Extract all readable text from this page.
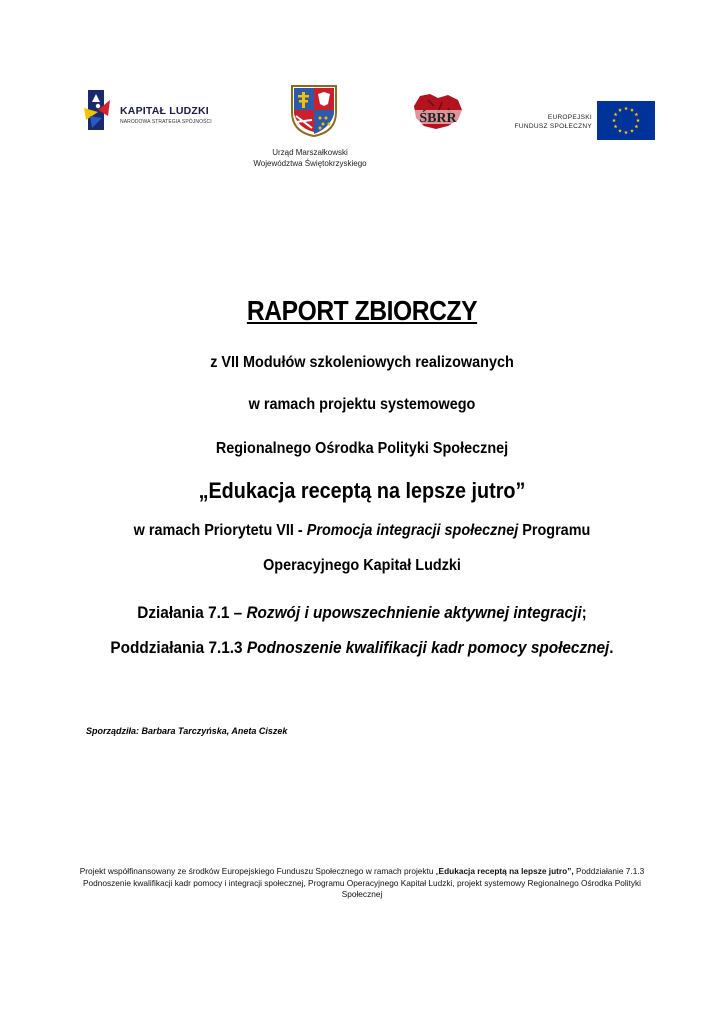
KAPITAŁ LUDZKI
NARODOWA STRATEGIA SPÓJNOŚCI	ŚBRR	EUROPEJSKI
FUNDUSZ SPOŁECZNY
Urząd Marszałkowski
Województwa Świętokrzyskiego
RAPORT ZBIORCZY
z VII Modułów szkoleniowych realizowanych
w ramach projektu systemowego
Regionalnego Ośrodka Polityki Społecznej
„Edukacja receptą na lepsze jutro”
w ramach Priorytetu VII - Promocja integracji społecznej Programu
Operacyjnego Kapitał Ludzki
Działania 7.1 – Rozwój i upowszechnienie aktywnej integracji;
Poddziałania 7.1.3 Podnoszenie kwalifikacji kadr pomocy społecznej.
Sporządziła: Barbara Tarczyńska, Aneta Ciszek
Projekt współfinansowany ze środków Europejskiego Funduszu Społecznego w ramach projektu „Edukacja receptą na lepsze jutro”, Poddziałanie 7.1.3 Podnoszenie kwalifikacji kadr pomocy i integracji społecznej, Programu Operacyjnego Kapitał Ludzki, projekt systemowy Regionalnego Ośrodka Polityki Społecznej
